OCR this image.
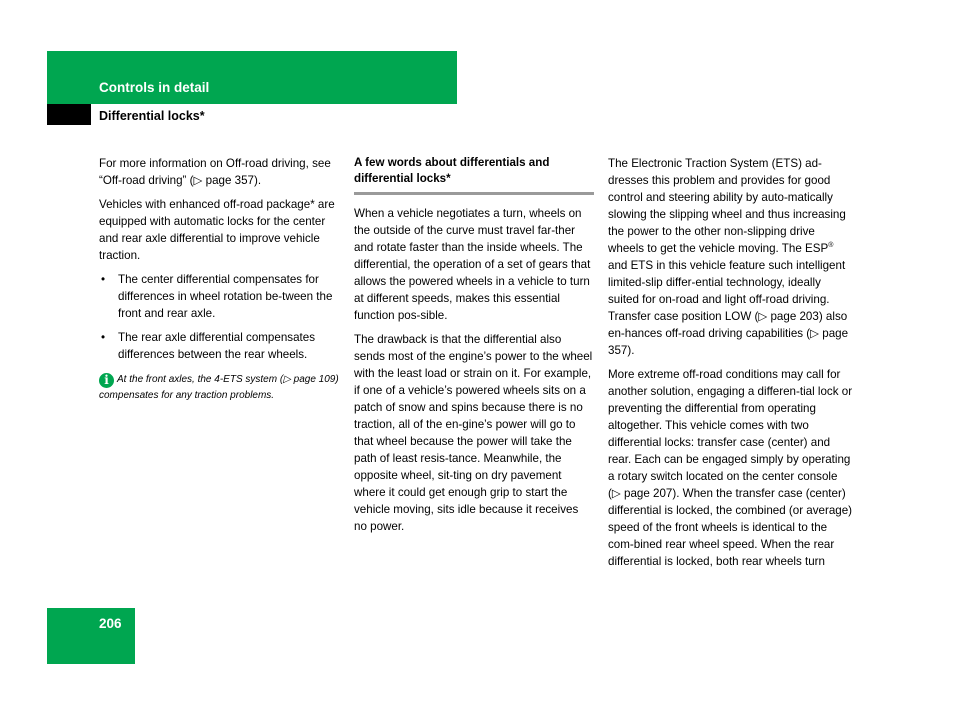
Controls in detail
Differential locks*

For more information on Off-road driving, see “Off-road driving” (▷ page 357).

Vehicles with enhanced off-road package* are equipped with automatic locks for the center and rear axle differential to improve vehicle traction.

• The center differential compensates for differences in wheel rotation be-tween the front and rear axle.
• The rear axle differential compensates differences between the rear wheels.
i At the front axles, the 4-ETS system (▷ page 109) compensates for any traction problems.
A few words about differentials and differential locks*

When a vehicle negotiates a turn, wheels on the outside of the curve must travel far-ther and rotate faster than the inside wheels. The differential, the operation of a set of gears that allows the powered wheels in a vehicle to turn at different speeds, makes this essential function pos-sible.

The drawback is that the differential also sends most of the engine’s power to the wheel with the least load or strain on it. For example, if one of a vehicle’s powered wheels sits on a patch of snow and spins because there is no traction, all of the en-gine’s power will go to that wheel because the power will take the path of least resis-tance. Meanwhile, the opposite wheel, sit-ting on dry pavement where it could get enough grip to start the vehicle moving, sits idle because it receives no power.

The Electronic Traction System (ETS) ad-dresses this problem and provides for good control and steering ability by auto-matically slowing the slipping wheel and thus increasing the power to the other non-slipping drive wheels to get the vehicle moving. The ESP® and ETS in this vehicle feature such intelligent limited-slip differ-ential technology, ideally suited for on-road and light off-road driving. Transfer case position LOW (▷ page 203) also en-hances off-road driving capabilities (▷ page 357).

More extreme off-road conditions may call for another solution, engaging a differen-tial lock or preventing the differential from operating altogether. This vehicle comes with two differential locks: transfer case (center) and rear. Each can be engaged simply by operating a rotary switch located on the center console (▷ page 207). When the transfer case (center) differential is locked, the combined (or average) speed of the front wheels is identical to the com-bined rear wheel speed. When the rear differential is locked, both rear wheels turn

206
